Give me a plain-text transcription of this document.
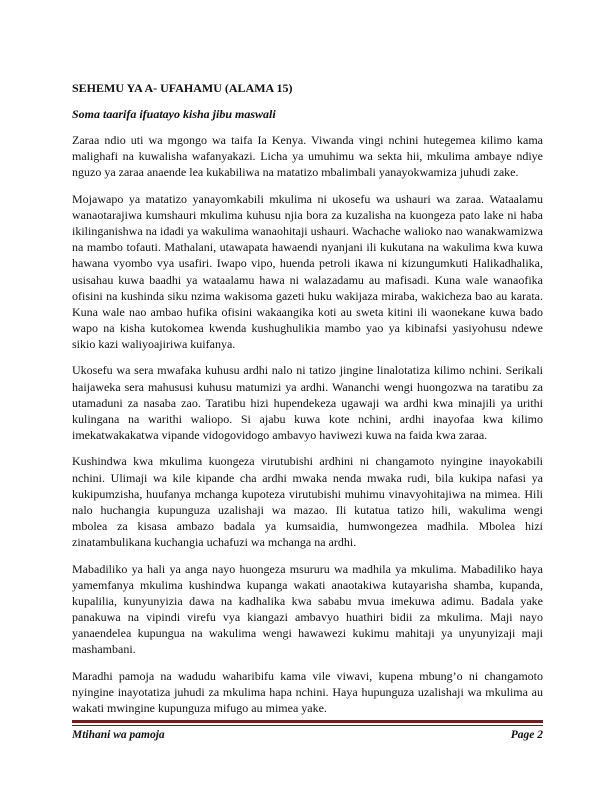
SEHEMU YA A- UFAHAMU (ALAMA 15)
Soma taarifa ifuatayo kisha jibu maswali
Zaraa ndio uti wa mgongo wa taifa Ia Kenya. Viwanda vingi nchini hutegemea kilimo kama
malighafi na kuwalisha wafanyakazi. Licha ya umuhimu wa sekta hii, mkulima ambaye ndiye
nguzo ya zaraa anaende lea kukabiliwa na matatizo mbalimbali yanayokwamiza juhudi zake.
Mojawapo ya matatizo yanayomkabili mkulima ni ukosefu wa ushauri wa zaraa. Wataalamu
wanaotarajiwa kumshauri mkulima kuhusu njia bora za kuzalisha na kuongeza pato lake ni haba
ikilinganishwa na idadi ya wakulima wanaohitaji ushauri. Wachache walioko nao wanakwamizwa
na mambo tofauti. Mathalani, utawapata hawaendi nyanjani ili kukutana na wakulima kwa kuwa
hawana vyombo vya usafiri. Iwapo vipo, huenda petroli ikawa ni kizungumkuti Halikadhalika,
usisahau kuwa baadhi ya wataalamu hawa ni walazadamu au mafisadi. Kuna wale wanaofika
ofisini na kushinda siku nzima wakisoma gazeti huku wakijaza miraba, wakicheza bao au karata.
Kuna wale nao ambao hufika ofisini wakaangika koti au sweta kitini ili waonekane kuwa bado
wapo na kisha kutokomea kwenda kushughulikia mambo yao ya kibinafsi yasiyohusu ndewe
sikio kazi waliyoajiriwa kuifanya.
Ukosefu wa sera mwafaka kuhusu ardhi nalo ni tatizo jingine linalotatiza kilimo nchini. Serikali
haijaweka sera mahususi kuhusu matumizi ya ardhi. Wananchi wengi huongozwa na taratibu za
utamaduni za nasaba zao. Taratibu hizi hupendekeza ugawaji wa ardhi kwa minajili ya urithi
kulingana na warithi waliopo. Si ajabu kuwa kote nchini, ardhi inayofaa kwa kilimo
imekatwakakatwa vipande vidogovidogo ambavyo haviwezi kuwa na faida kwa zaraa.
Kushindwa kwa mkulima kuongeza virutubishi ardhini ni changamoto nyingine inayokabili
nchini. Ulimaji wa kile kipande cha ardhi mwaka nenda mwaka rudi, bila kukipa nafasi ya
kukipumzisha, huufanya mchanga kupoteza virutubishi muhimu vinavyohitajiwa na mimea. Hili
nalo huchangia kupunguza uzalishaji wa mazao. Ili kutatua tatizo hili, wakulima wengi
mbolea za kisasa ambazo badala ya kumsaidia, humwongezea madhila. Mbolea hizi
zinatambulikana kuchangia uchafuzi wa mchanga na ardhi.
Mabadiliko ya hali ya anga nayo huongeza msururu wa madhila ya mkulima. Mabadiliko haya
yamemfanya mkulima kushindwa kupanga wakati anaotakiwa kutayarisha shamba, kupanda,
kupalilia, kunyunyizia dawa na kadhalika kwa sababu mvua imekuwa adimu. Badala yake
panakuwa na vipindi virefu vya kiangazi ambavyo huathiri bidii za mkulima. Maji nayo
yanaendelea kupungua na wakulima wengi hawawezi kukimu mahitaji ya unyunyizaji maji
mashambani.
Maradhi pamoja na wadudu waharibifu kama vile viwavi, kupena mbung’o ni changamoto
nyingine inayotatiza juhudi za mkulima hapa nchini. Haya hupunguza uzalishaji wa mkulima au
wakati mwingine kupunguza mifugo au mimea yake.
Mtihani wa pamoja	Page 2
